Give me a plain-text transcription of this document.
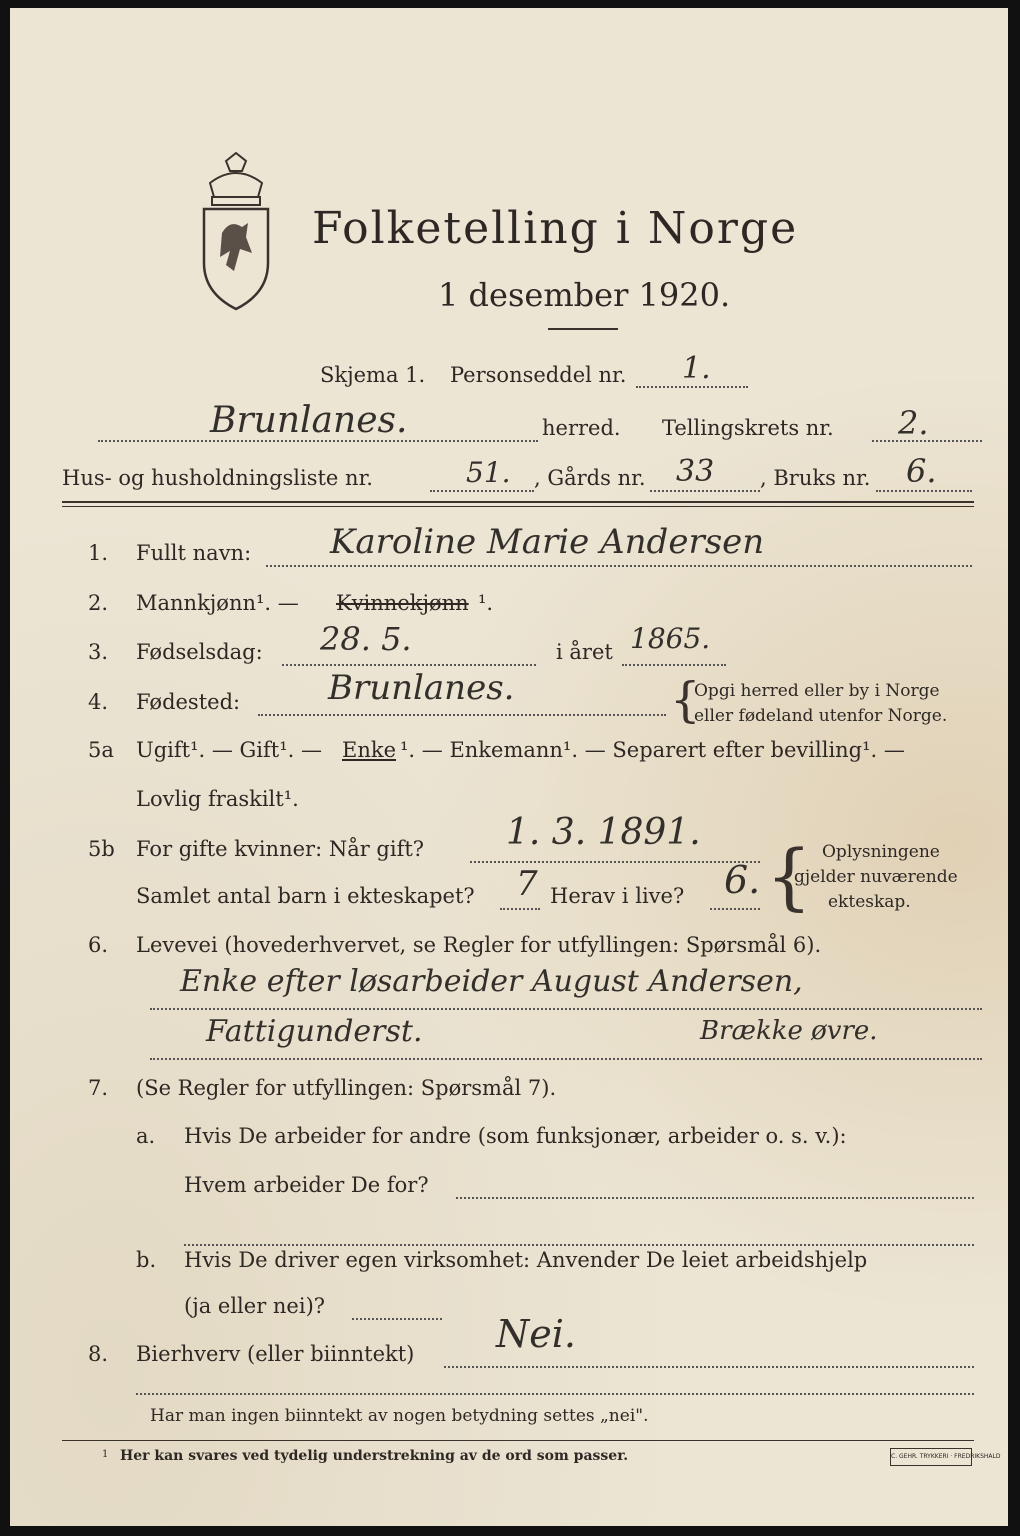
Folketelling i Norge
1 desember 1920.
Skjema 1. Personseddel nr. 1.
Brunlanes.	herred. Tellingskrets nr. 2.
Hus- og husholdningsliste nr.	51. , Gårds nr. 33 , Bruks nr. 6.
1. Fullt navn: Karoline Marie Andersen
2. Mannkjønn¹. — Kvinnekjønn ¹.
3. Fødselsdag: 28. 5.	i året 1865.
4. Fødested:	Brunlanes.	{
Opgi herred eller by i Norge
eller fødeland utenfor Norge.
5a Ugift¹. — Gift¹. — Enke ¹. — Enkemann¹. — Separert efter bevilling¹. —
Lovlig fraskilt¹.
5b For gifte kvinner: Når gift? 1. 3. 1891.
Samlet antal barn i ekteskapet? 7 Herav i live? 6. { Oplysningene
gjelder nuværende
ekteskap.
6. Levevei (hovederhvervet, se Regler for utfyllingen: Spørsmål 6).
Enke efter løsarbeider August Andersen,
Fattigunderst.	Brække øvre.
7. (Se Regler for utfyllingen: Spørsmål 7).
a. Hvis De arbeider for andre (som funksjonær, arbeider o. s. v.):
Hvem arbeider De for?
b. Hvis De driver egen virksomhet: Anvender De leiet arbeidshjelp
(ja eller nei)?
8. Bierhverv (eller biinntekt) Nei.
Har man ingen biinntekt av nogen betydning settes „nei".
1 Her kan svares ved tydelig understrekning av de ord som passer.	C. GEHR. TRYKKERI · FREDRIKSHALD
